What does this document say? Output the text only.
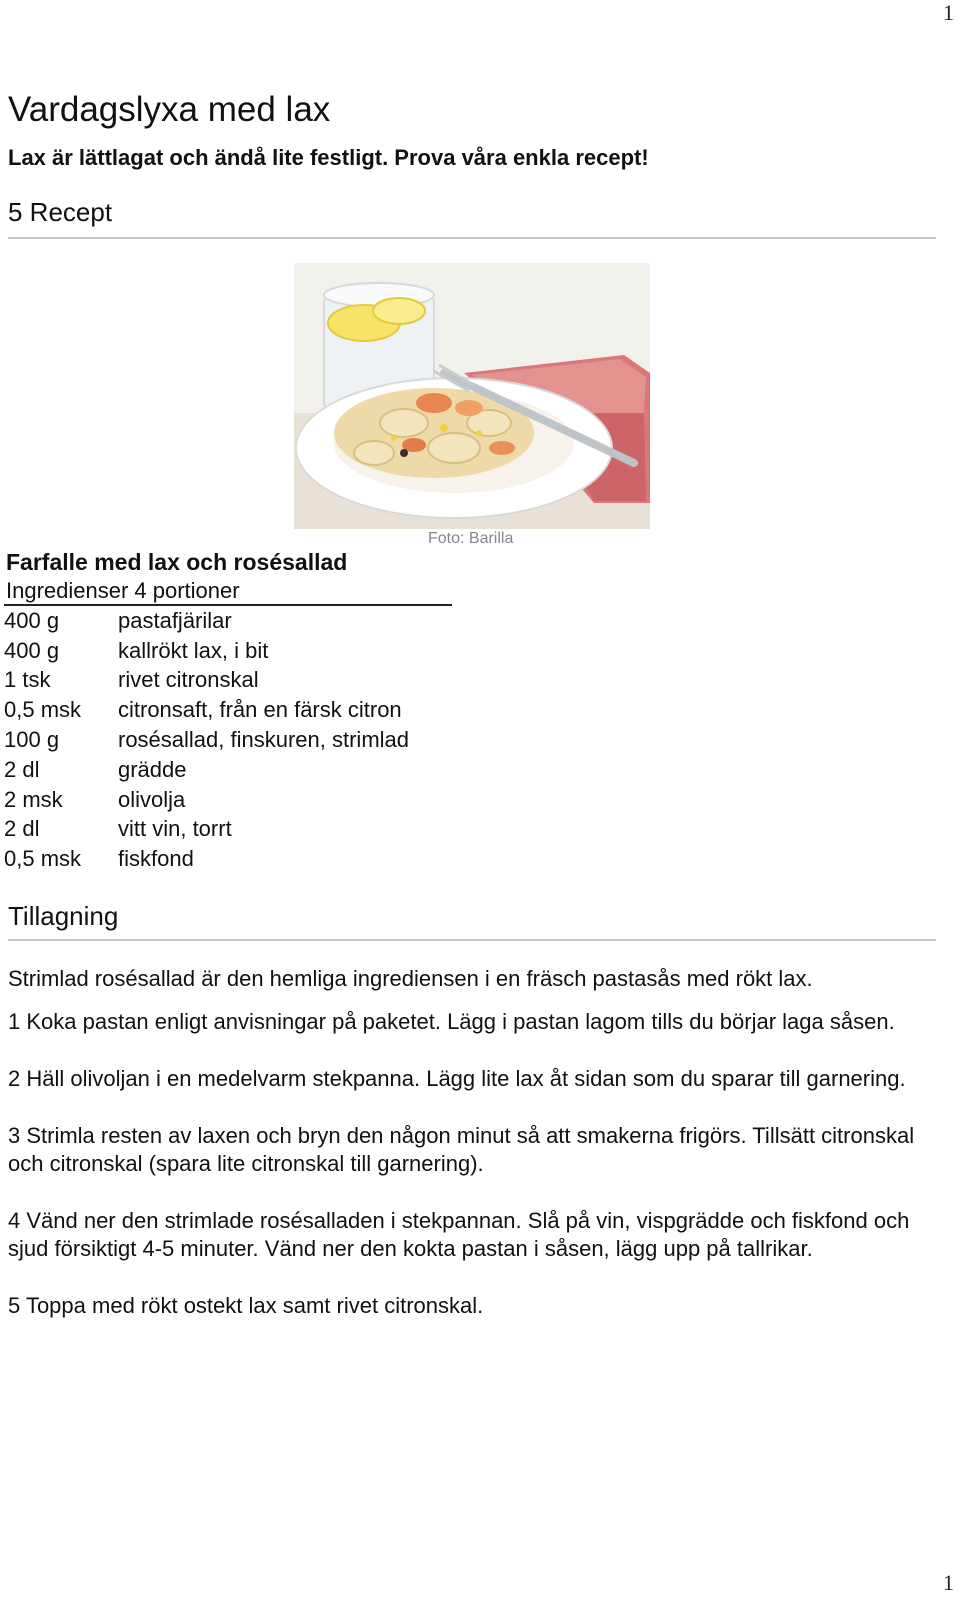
1
Vardagslyxa med lax
Lax är lättlagat och ändå lite festligt. Prova våra enkla recept!
5 Recept
Foto: Barilla
Farfalle med lax och rosésallad
Ingredienser 4 portioner
400 g	pastafjärilar
400 g	kallrökt lax, i bit
1 tsk	rivet citronskal
0,5 msk	citronsaft, från en färsk citron
100 g	rosésallad, finskuren, strimlad
2 dl	grädde
2 msk	olivolja
2 dl	vitt vin, torrt
0,5 msk	fiskfond
Tillagning
Strimlad rosésallad är den hemliga ingrediensen i en fräsch pastasås med rökt lax.
1 Koka pastan enligt anvisningar på paketet. Lägg i pastan lagom tills du börjar laga såsen.
2 Häll olivoljan i en medelvarm stekpanna. Lägg lite lax åt sidan som du sparar till garnering.
3 Strimla resten av laxen och bryn den någon minut så att smakerna frigörs. Tillsätt citronskal och citronskal (spara lite citronskal till garnering).
4 Vänd ner den strimlade rosésalladen i stekpannan. Slå på vin, vispgrädde och fiskfond och sjud försiktigt 4-5 minuter. Vänd ner den kokta pastan i såsen, lägg upp på tallrikar.
5 Toppa med rökt ostekt lax samt rivet citronskal.
1
